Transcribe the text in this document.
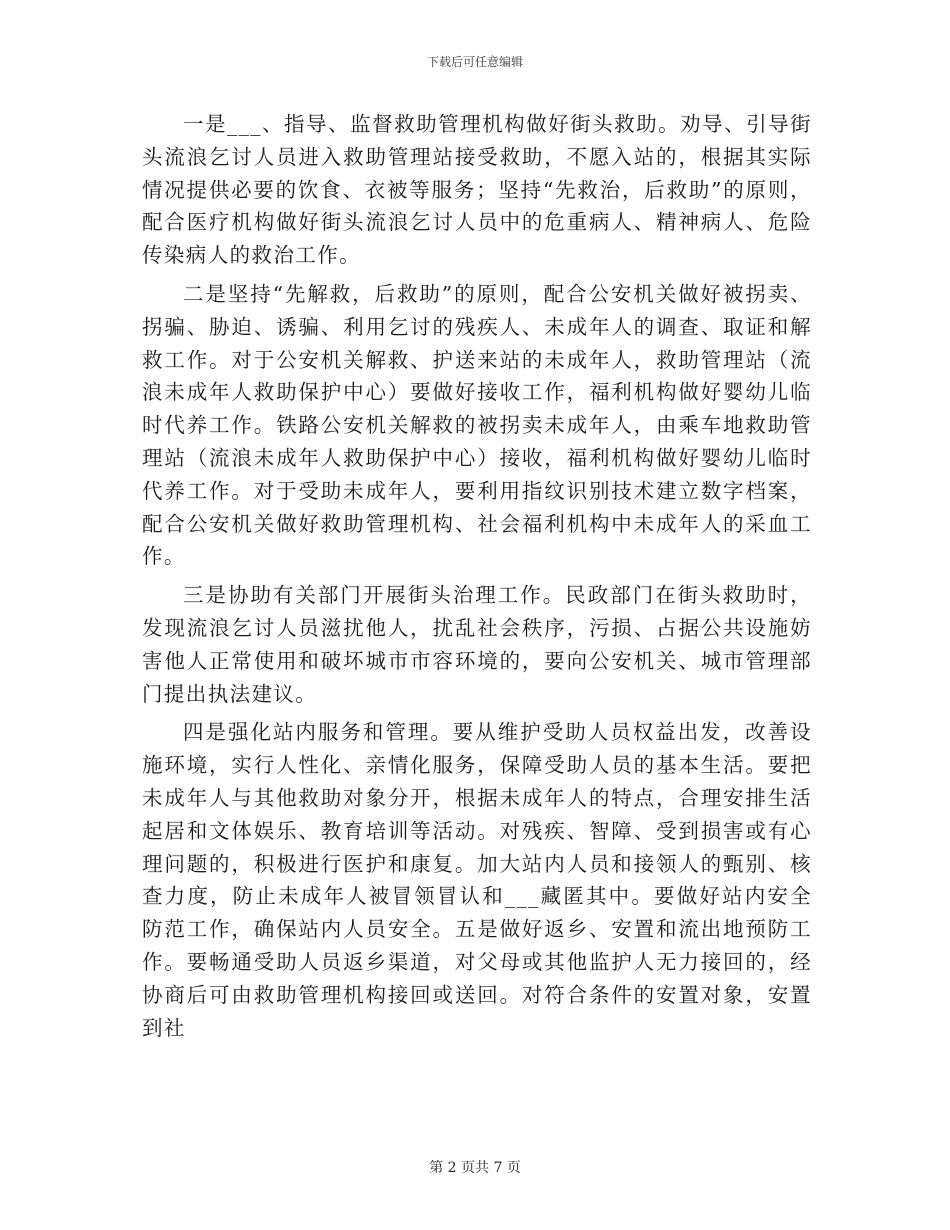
下载后可任意编辑

一是___、指导、监督救助管理机构做好街头救助。劝导、引导街头流浪乞讨人员进入救助管理站接受救助，不愿入站的，根据其实际情况提供必要的饮食、衣被等服务；坚持“先救治，后救助”的原则，配合医疗机构做好街头流浪乞讨人员中的危重病人、精神病人、危险传染病人的救治工作。

二是坚持“先解救，后救助”的原则，配合公安机关做好被拐卖、拐骗、胁迫、诱骗、利用乞讨的残疾人、未成年人的调查、取证和解救工作。对于公安机关解救、护送来站的未成年人，救助管理站（流浪未成年人救助保护中心）要做好接收工作，福利机构做好婴幼儿临时代养工作。铁路公安机关解救的被拐卖未成年人，由乘车地救助管理站（流浪未成年人救助保护中心）接收，福利机构做好婴幼儿临时代养工作。对于受助未成年人，要利用指纹识别技术建立数字档案，配合公安机关做好救助管理机构、社会福利机构中未成年人的采血工作。

三是协助有关部门开展街头治理工作。民政部门在街头救助时，发现流浪乞讨人员滋扰他人，扰乱社会秩序，污损、占据公共设施妨害他人正常使用和破坏城市市容环境的，要向公安机关、城市管理部门提出执法建议。

四是强化站内服务和管理。要从维护受助人员权益出发，改善设施环境，实行人性化、亲情化服务，保障受助人员的基本生活。要把未成年人与其他救助对象分开，根据未成年人的特点，合理安排生活起居和文体娱乐、教育培训等活动。对残疾、智障、受到损害或有心理问题的，积极进行医护和康复。加大站内人员和接领人的甄别、核查力度，防止未成年人被冒领冒认和___藏匿其中。要做好站内安全防范工作，确保站内人员安全。五是做好返乡、安置和流出地预防工作。要畅通受助人员返乡渠道，对父母或其他监护人无力接回的，经协商后可由救助管理机构接回或送回。对符合条件的安置对象，安置到社

第 2 页共 7 页
